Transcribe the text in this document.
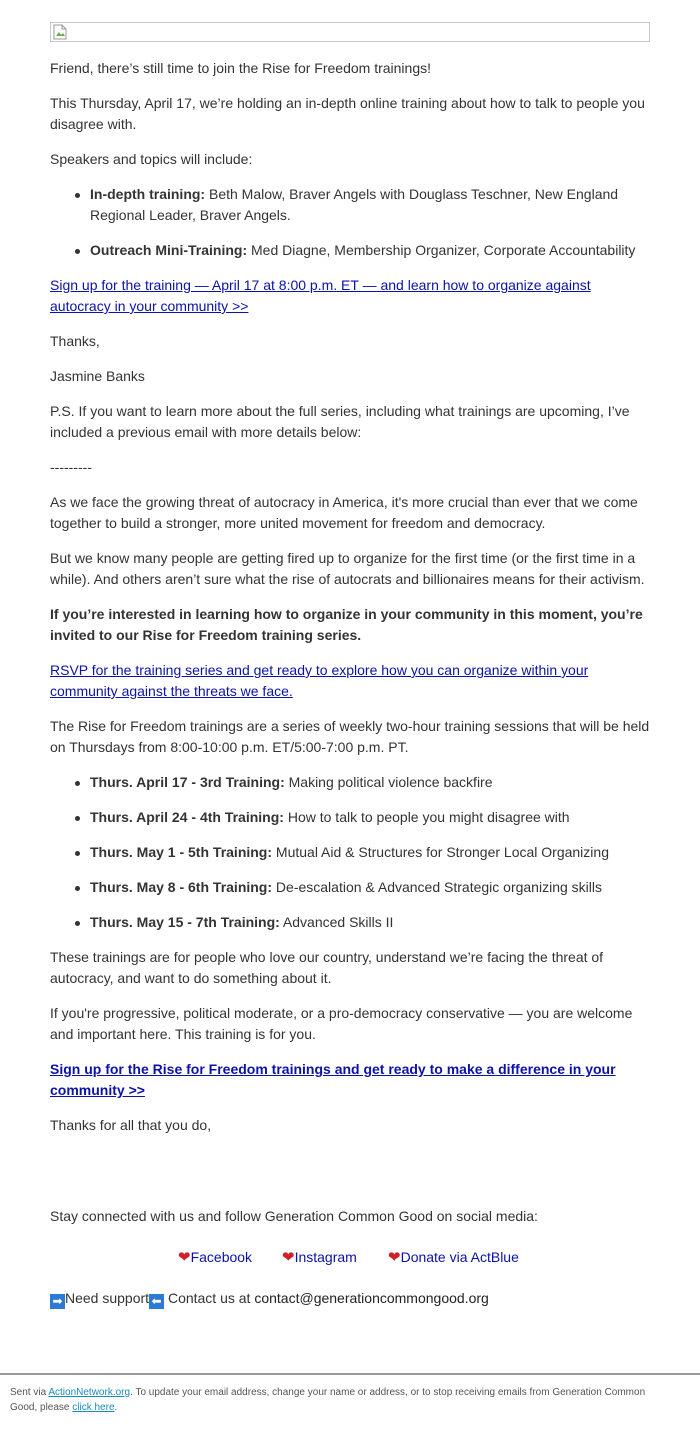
Friend, there’s still time to join the Rise for Freedom trainings!

This Thursday, April 17, we’re holding an in-depth online training about how to talk to people you disagree with.

Speakers and topics will include:

In-depth training: Beth Malow, Braver Angels with Douglass Teschner, New England Regional Leader, Braver Angels.
Outreach Mini-Training: Med Diagne, Membership Organizer, Corporate Accountability

Sign up for the training — April 17 at 8:00 p.m. ET — and learn how to organize against autocracy in your community >>

Thanks,

Jasmine Banks

P.S. If you want to learn more about the full series, including what trainings are upcoming, I’ve included a previous email with more details below:

---------

As we face the growing threat of autocracy in America, it's more crucial than ever that we come together to build a stronger, more united movement for freedom and democracy.

But we know many people are getting fired up to organize for the first time (or the first time in a while). And others aren’t sure what the rise of autocrats and billionaires means for their activism.

If you’re interested in learning how to organize in your community in this moment, you’re invited to our Rise for Freedom training series.

RSVP for the training series and get ready to explore how you can organize within your community against the threats we face.

The Rise for Freedom trainings are a series of weekly two-hour training sessions that will be held on Thursdays from 8:00-10:00 p.m. ET/5:00-7:00 p.m. PT.

Thurs. April 17 - 3rd Training: Making political violence backfire
Thurs. April 24 - 4th Training: How to talk to people you might disagree with
Thurs. May 1 - 5th Training: Mutual Aid & Structures for Stronger Local Organizing
Thurs. May 8 - 6th Training: De-escalation & Advanced Strategic organizing skills
Thurs. May 15 - 7th Training: Advanced Skills II

These trainings are for people who love our country, understand we’re facing the threat of autocracy, and want to do something about it.

If you're progressive, political moderate, or a pro-democracy conservative — you are welcome and important here. This training is for you.

Sign up for the Rise for Freedom trainings and get ready to make a difference in your community >>

Thanks for all that you do,

Stay connected with us and follow Generation Common Good on social media:

❤Facebook ❤Instagram ❤Donate via ActBlue

➡ Need support ⬅ Contact us at contact@generationcommongood.org

Sent via ActionNetwork.org. To update your email address, change your name or address, or to stop receiving emails from Generation Common Good, please click here.
